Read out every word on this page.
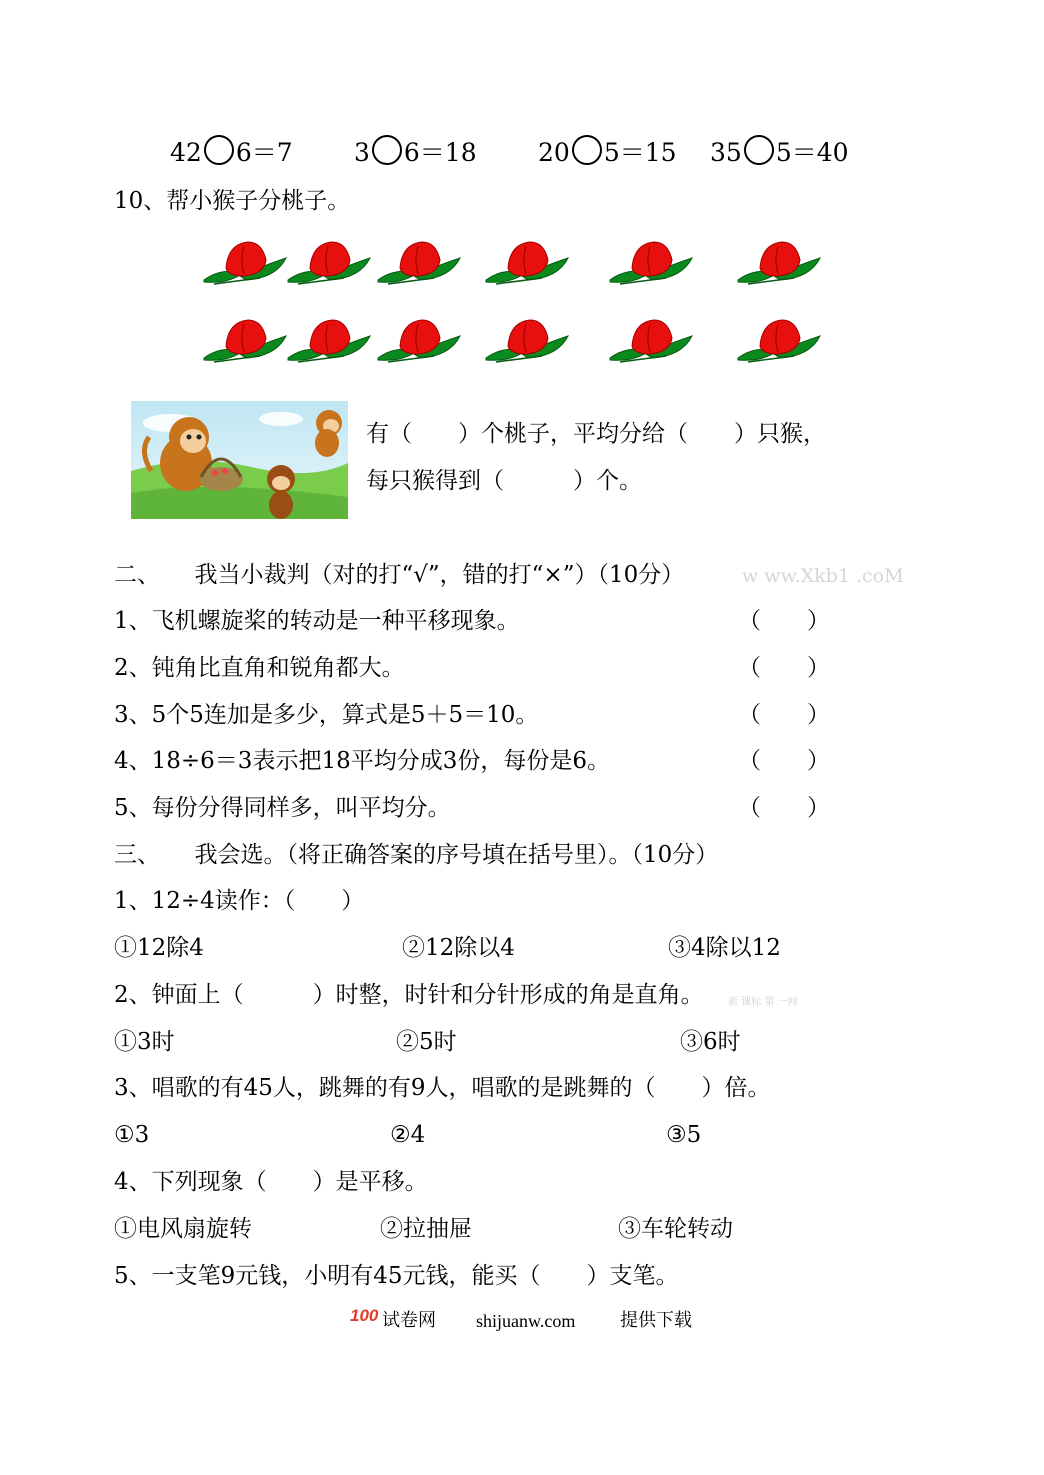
42 6＝7 3 6＝18 20 5＝15 35 5＝40
10、帮小猴子分桃子。
有（　　）个桃子，平均分给（　　）只猴，
每只猴得到（　　　）个。
二、　　我当小裁判（对的打“√”，错的打“×”）（10分）	w ww.Xkb1 .coM
1、飞机螺旋桨的转动是一种平移现象。	（　　）
2、钝角比直角和锐角都大。	（　　）
3、5个5连加是多少，算式是5＋5＝10。	（　　）
4、18÷6＝3表示把18平均分成3份，每份是6。	（　　）
5、每份分得同样多，叫平均分。	（　　）
三、　　我会选。（将正确答案的序号填在括号里）。（10分）
1、12÷4读作：（　　）
①12除4	②12除以4	③4除以12
2、钟面上（　　　）时整，时针和分针形成的角是直角。 新 课标 第 一网
①3时	②5时	③6时
3、唱歌的有45人，跳舞的有9人，唱歌的是跳舞的（　　）倍。
①3	②4	③5
4、下列现象（　　）是平移。
①电风扇旋转	②拉抽屉	③车轮转动
5、一支笔9元钱，小明有45元钱，能买（　　）支笔。
100 试卷网 shijuanw.com 提供下载
